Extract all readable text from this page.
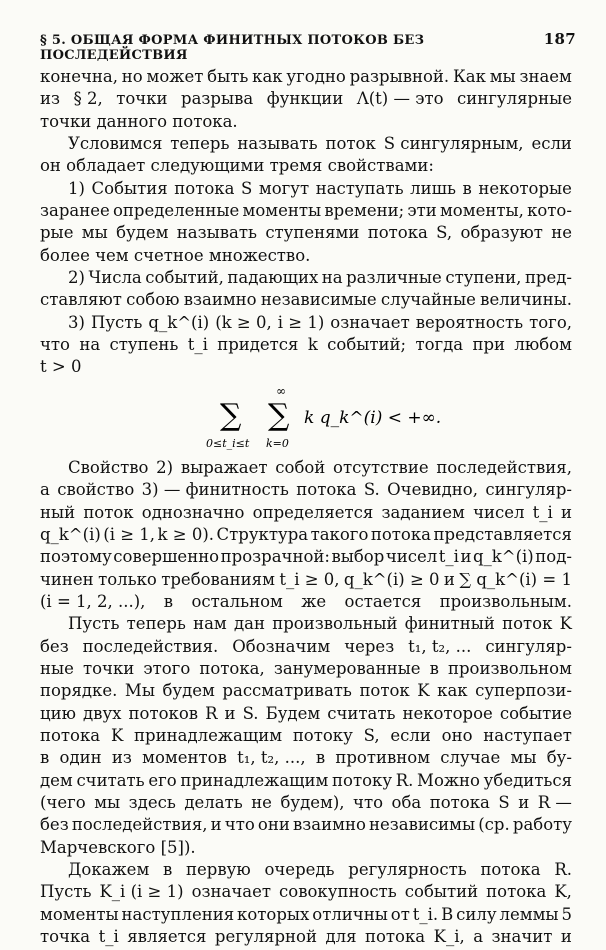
§ 5. ОБЩАЯ ФОРМА ФИНИТНЫХ ПОТОКОВ БЕЗ ПОСЛЕДЕЙСТВИЯ
187
конечна, но может быть как угодно разрывной. Как мы знаем
из § 2, точки разрыва функции Λ(t) — это сингулярные
точки данного потока.
Условимся теперь называть поток S сингулярным, если
он обладает следующими тремя свойствами:
1) События потока S могут наступать лишь в некоторые
заранее определенные моменты времени; эти моменты, кото-
рые мы будем называть ступенями потока S, образуют не
более чем счетное множество.
2) Числа событий, падающих на различные ступени, пред-
ставляют собою взаимно независимые случайные величины.
3) Пусть q_k^(i) (k ≥ 0, i ≥ 1) означает вероятность того,
что на ступень t_i придется k событий; тогда при любом
t > 0
∑
0≤t_i≤t
∞
∑
k=0
k q_k^(i) < +∞.
Свойство 2) выражает собой отсутствие последействия,
а свойство 3) — финитность потока S. Очевидно, сингуляр-
ный поток однозначно определяется заданием чисел t_i и
q_k^(i) (i ≥ 1, k ≥ 0). Структура такого потока представляется
поэтому совершенно прозрачной: выбор чисел t_i и q_k^(i) под-
чинен только требованиям t_i ≥ 0, q_k^(i) ≥ 0 и ∑ q_k^(i) = 1
(i = 1, 2, ...), в остальном же остается произвольным.
Пусть теперь нам дан произвольный финитный поток K
без последействия. Обозначим через t₁, t₂, ... сингуляр-
ные точки этого потока, занумерованные в произвольном
порядке. Мы будем рассматривать поток K как суперпози-
цию двух потоков R и S. Будем считать некоторое событие
потока K принадлежащим потоку S, если оно наступает
в один из моментов t₁, t₂, ..., в противном случае мы бу-
дем считать его принадлежащим потоку R. Можно убедиться
(чего мы здесь делать не будем), что оба потока S и R —
без последействия, и что они взаимно независимы (ср. работу
Марчевского [5]).
Докажем в первую очередь регулярность потока R.
Пусть K_i (i ≥ 1) означает совокупность событий потока K,
моменты наступления которых отличны от t_i. В силу леммы 5
точка t_i является регулярной для потока K_i, а значит и
